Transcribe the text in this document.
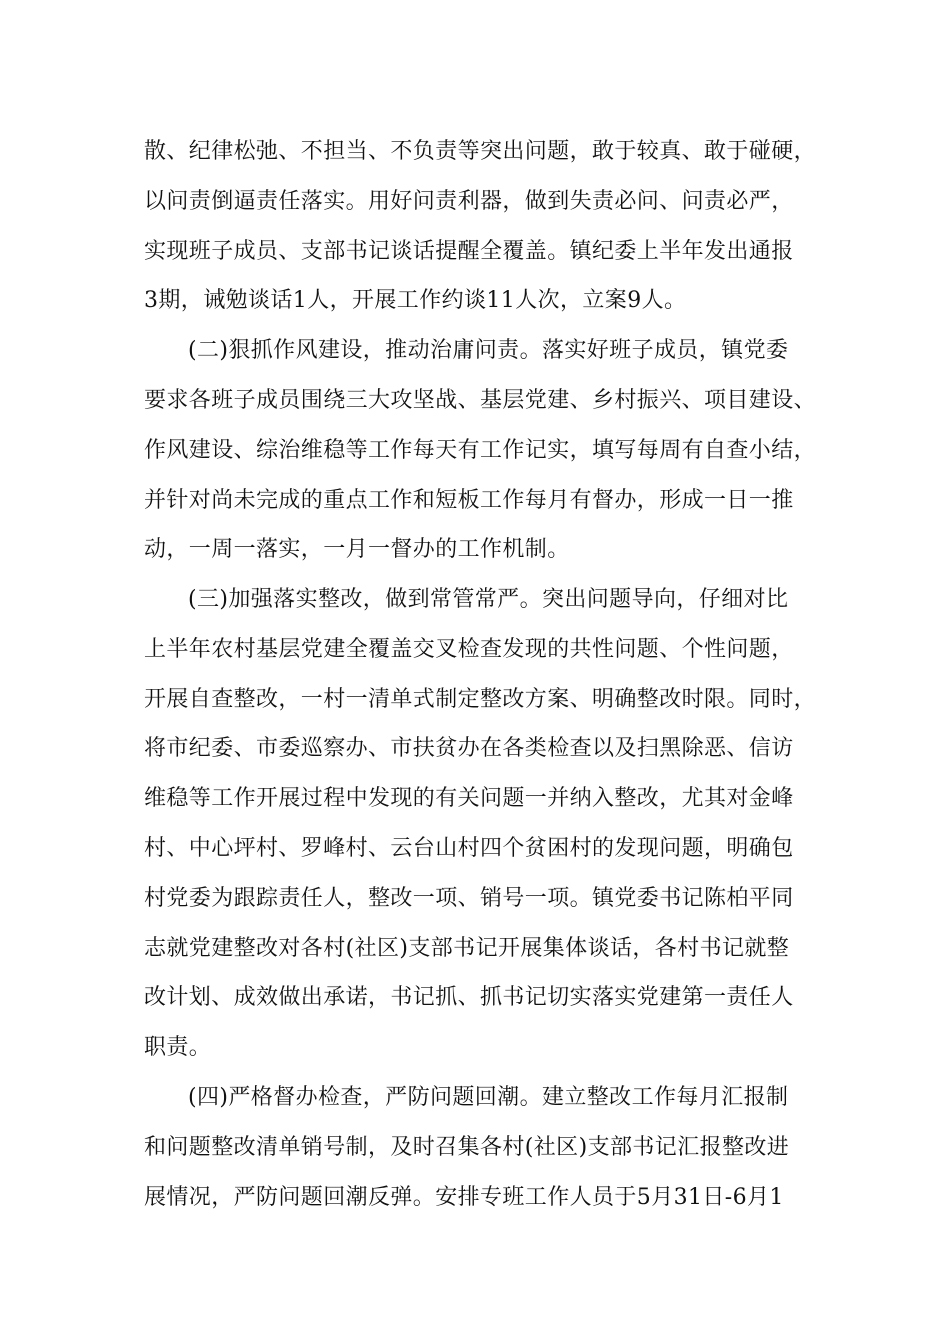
散、纪律松弛、不担当、不负责等突出问题，敢于较真、敢于碰硬，
以问责倒逼责任落实。用好问责利器，做到失责必问、问责必严，
实现班子成员、支部书记谈话提醒全覆盖。镇纪委上半年发出通报
3期，诫勉谈话1人，开展工作约谈11人次，立案9人。
(二)狠抓作风建设，推动治庸问责。落实好班子成员，镇党委
要求各班子成员围绕三大攻坚战、基层党建、乡村振兴、项目建设、
作风建设、综治维稳等工作每天有工作记实，填写每周有自查小结，
并针对尚未完成的重点工作和短板工作每月有督办，形成一日一推
动，一周一落实，一月一督办的工作机制。
(三)加强落实整改，做到常管常严。突出问题导向，仔细对比
上半年农村基层党建全覆盖交叉检查发现的共性问题、个性问题，
开展自查整改，一村一清单式制定整改方案、明确整改时限。同时，
将市纪委、市委巡察办、市扶贫办在各类检查以及扫黑除恶、信访
维稳等工作开展过程中发现的有关问题一并纳入整改，尤其对金峰
村、中心坪村、罗峰村、云台山村四个贫困村的发现问题，明确包
村党委为跟踪责任人，整改一项、销号一项。镇党委书记陈柏平同
志就党建整改对各村(社区)支部书记开展集体谈话，各村书记就整
改计划、成效做出承诺，书记抓、抓书记切实落实党建第一责任人
职责。
(四)严格督办检查，严防问题回潮。建立整改工作每月汇报制
和问题整改清单销号制，及时召集各村(社区)支部书记汇报整改进
展情况，严防问题回潮反弹。安排专班工作人员于5月31日-6月1
